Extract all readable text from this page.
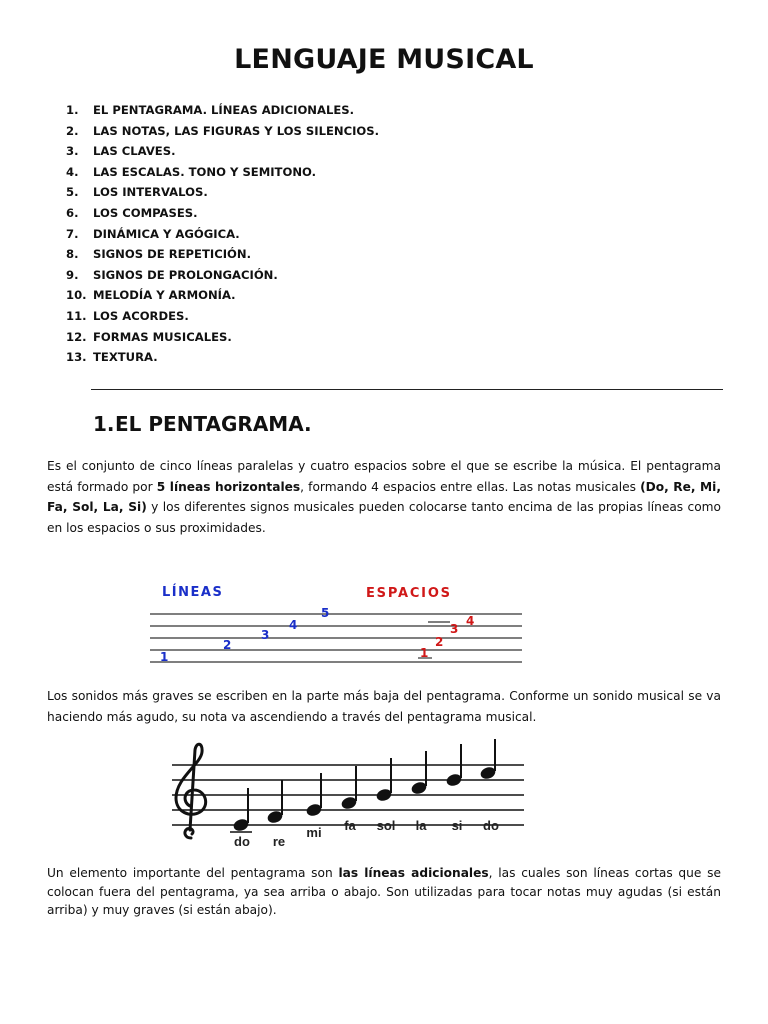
LENGUAJE MUSICAL
1. EL PENTAGRAMA. LÍNEAS ADICIONALES.
2. LAS NOTAS, LAS FIGURAS Y LOS SILENCIOS.
3. LAS CLAVES.
4. LAS ESCALAS. TONO Y SEMITONO.
5. LOS INTERVALOS.
6. LOS COMPASES.
7. DINÁMICA Y AGÓGICA.
8. SIGNOS DE REPETICIÓN.
9. SIGNOS DE PROLONGACIÓN.
10. MELODÍA Y ARMONÍA.
11. LOS ACORDES.
12. FORMAS MUSICALES.
13. TEXTURA.
1.EL PENTAGRAMA.

Es el conjunto de cinco líneas paralelas y cuatro espacios sobre el que se escribe la música. El pentagrama está formado por 5 líneas horizontales, formando 4 espacios entre ellas. Las notas musicales (Do, Re, Mi, Fa, Sol, La, Si) y los diferentes signos musicales pueden colocarse tanto encima de las propias líneas como en los espacios o sus proximidades.

LÍNEAS	ESPACIOS
1
2
3
4
5
1
2
3
4

Los sonidos más graves se escriben en la parte más baja del pentagrama. Conforme un sonido musical se va haciendo más agudo, su nota va ascendiendo a través del pentagrama musical.

do re
mi fa sol la si do

Un elemento importante del pentagrama son las líneas adicionales, las cuales son líneas cortas que se colocan fuera del pentagrama, ya sea arriba o abajo. Son utilizadas para tocar notas muy agudas (si están arriba) y muy graves (si están abajo).
